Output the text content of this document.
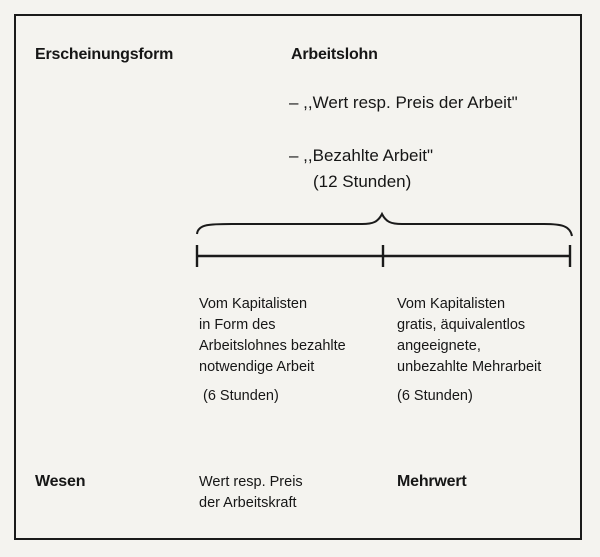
Erscheinungsform	Arbeitslohn
– ,,Wert resp. Preis der Arbeit"
– ,,Bezahlte Arbeit"
(12 Stunden)
Vom Kapitalisten
in Form des
Arbeitslohnes bezahlte
notwendige Arbeit
(6 Stunden)
Vom Kapitalisten
gratis, äquivalentlos
angeeignete,
unbezahlte Mehrarbeit
(6 Stunden)
Wesen	Wert resp. Preis
der Arbeitskraft
Mehrwert
